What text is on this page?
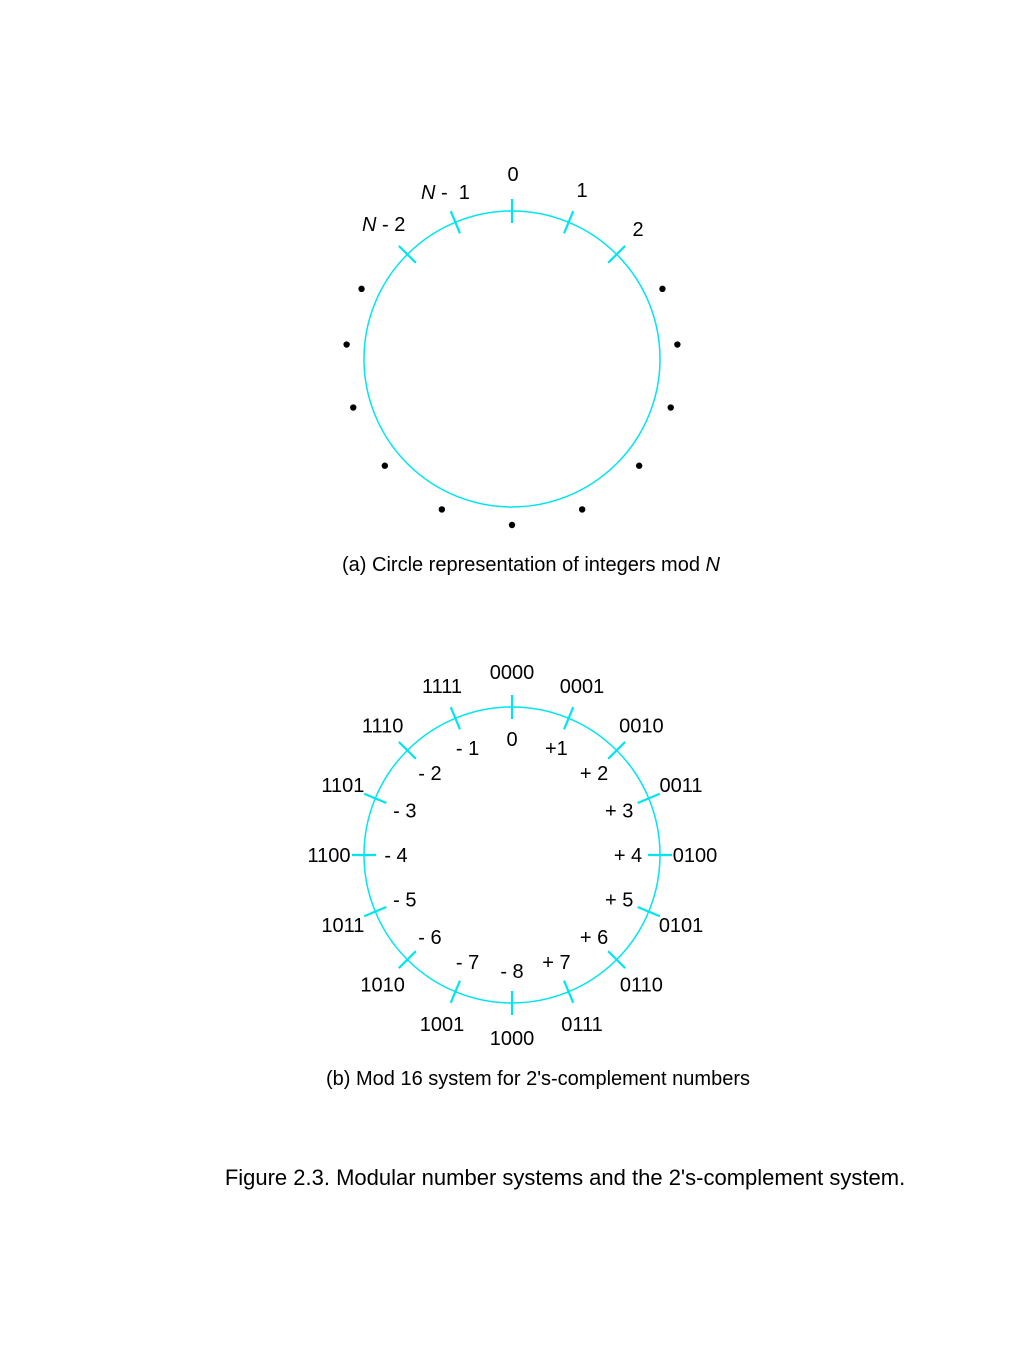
0
1
2
N -  1
N - 2
(a) Circle representation of integers mod N
0000
0
0001
+1
0010
+ 2
0011
+ 3
0100
+ 4
0101
+ 5
0110
+ 6
0111
+ 7
1000
- 8
1001
- 7
1010
- 6
1011
- 5
1100 - 4
1101
- 3
1110
- 2
1111
- 1
(b) Mod 16 system for 2's-complement numbers
Figure 2.3. Modular number systems and the 2's-complement system.
